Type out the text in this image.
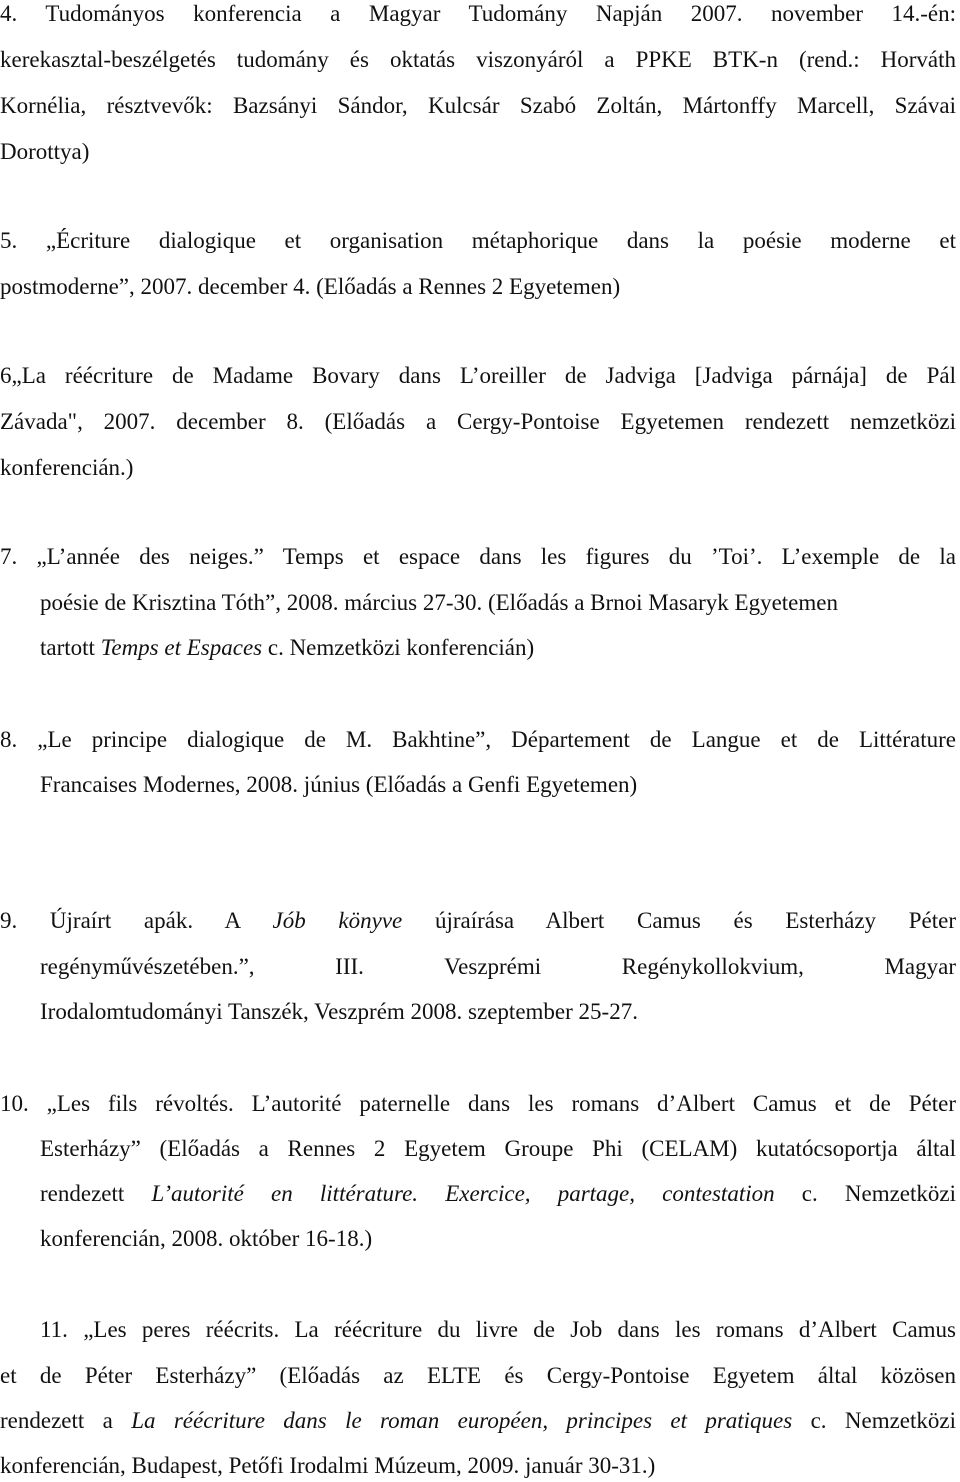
4. Tudományos konferencia a Magyar Tudomány Napján 2007. november 14.-én:
kerekasztal-beszélgetés tudomány és oktatás viszonyáról a PPKE BTK-n (rend.: Horváth
Kornélia, résztvevők: Bazsányi Sándor, Kulcsár Szabó Zoltán, Mártonffy Marcell, Szávai
Dorottya)
5. „Écriture dialogique et organisation métaphorique dans la poésie moderne et
postmoderne”, 2007. december 4. (Előadás a Rennes 2 Egyetemen)
6„La réécriture de Madame Bovary dans L’oreiller de Jadviga [Jadviga párnája] de Pál
Závada", 2007. december 8. (Előadás a Cergy-Pontoise Egyetemen rendezett nemzetközi
konferencián.)
7. „L’année des neiges.” Temps et espace dans les figures du ’Toi’. L’exemple de la
poésie de Krisztina Tóth”, 2008. március 27-30. (Előadás a Brnoi Masaryk Egyetemen
tartott Temps et Espaces c. Nemzetközi konferencián)
8. „Le principe dialogique de M. Bakhtine”, Département de Langue et de Littérature
Francaises Modernes, 2008. június (Előadás a Genfi Egyetemen)
9. Újraírt apák. A Jób könyve újraírása Albert Camus és Esterházy Péter
regényművészetében.”, III. Veszprémi Regénykollokvium, Magyar
Irodalomtudományi Tanszék, Veszprém 2008. szeptember 25-27.
10. „Les fils révoltés. L’autorité paternelle dans les romans d’Albert Camus et de Péter
Esterházy” (Előadás a Rennes 2 Egyetem Groupe Phi (CELAM) kutatócsoportja által
rendezett L’autorité en littérature. Exercice, partage, contestation c. Nemzetközi
konferencián, 2008. október 16-18.)
11. „Les peres réécrits. La réécriture du livre de Job dans les romans d’Albert Camus
et de Péter Esterházy” (Előadás az ELTE és Cergy-Pontoise Egyetem által közösen
rendezett a La réécriture dans le roman européen, principes et pratiques c. Nemzetközi
konferencián, Budapest, Petőfi Irodalmi Múzeum, 2009. január 30-31.)
